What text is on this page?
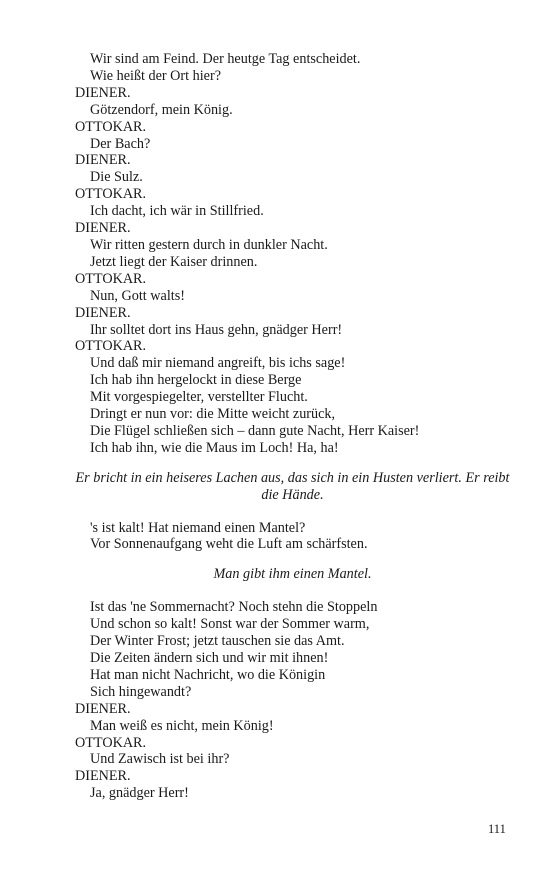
Wir sind am Feind. Der heutge Tag entscheidet.
Wie heißt der Ort hier?
DIENER.
Götzendorf, mein König.
OTTOKAR.
Der Bach?
DIENER.
Die Sulz.
OTTOKAR.
Ich dacht, ich wär in Stillfried.
DIENER.
Wir ritten gestern durch in dunkler Nacht.
Jetzt liegt der Kaiser drinnen.
OTTOKAR.
Nun, Gott walts!
DIENER.
Ihr solltet dort ins Haus gehn, gnädger Herr!
OTTOKAR.
Und daß mir niemand angreift, bis ichs sage!
Ich hab ihn hergelockt in diese Berge
Mit vorgespiegelter, verstellter Flucht.
Dringt er nun vor: die Mitte weicht zurück,
Die Flügel schließen sich – dann gute Nacht, Herr Kaiser!
Ich hab ihn, wie die Maus im Loch! Ha, ha!

Er bricht in ein heiseres Lachen aus, das sich in ein Husten verliert. Er reibt die Hände.

's ist kalt! Hat niemand einen Mantel?
Vor Sonnenaufgang weht die Luft am schärfsten.

Man gibt ihm einen Mantel.

Ist das 'ne Sommernacht? Noch stehn die Stoppeln
Und schon so kalt! Sonst war der Sommer warm,
Der Winter Frost; jetzt tauschen sie das Amt.
Die Zeiten ändern sich und wir mit ihnen!
Hat man nicht Nachricht, wo die Königin
Sich hingewandt?
DIENER.
Man weiß es nicht, mein König!
OTTOKAR.
Und Zawisch ist bei ihr?
DIENER.
Ja, gnädger Herr!
111
